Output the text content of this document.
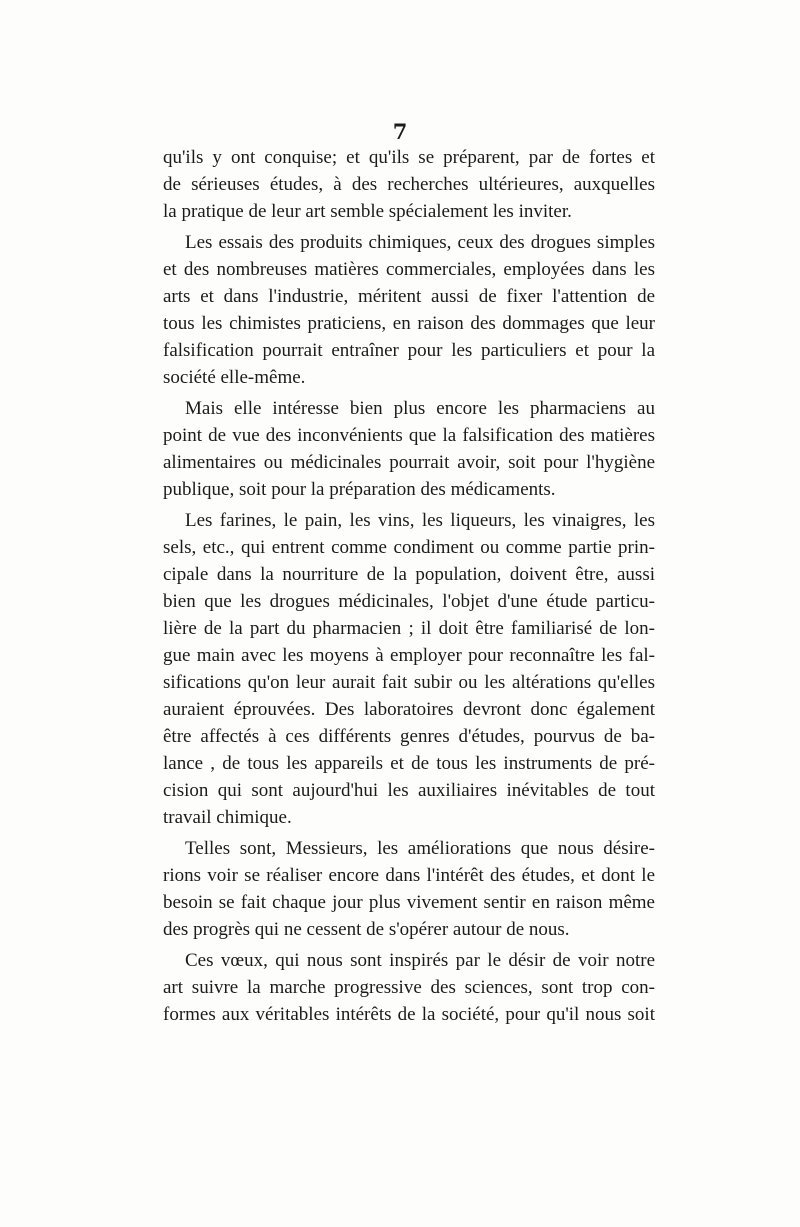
7
qu'ils y ont conquise; et qu'ils se préparent, par de fortes et
de sérieuses études, à des recherches ultérieures, auxquelles
la pratique de leur art semble spécialement les inviter.
Les essais des produits chimiques, ceux des drogues simples
et des nombreuses matières commerciales, employées dans les
arts et dans l'industrie, méritent aussi de fixer l'attention de
tous les chimistes praticiens, en raison des dommages que leur
falsification pourrait entraîner pour les particuliers et pour la
société elle-même.
Mais elle intéresse bien plus encore les pharmaciens au
point de vue des inconvénients que la falsification des matières
alimentaires ou médicinales pourrait avoir, soit pour l'hygiène
publique, soit pour la préparation des médicaments.
Les farines, le pain, les vins, les liqueurs, les vinaigres, les
sels, etc., qui entrent comme condiment ou comme partie prin-
cipale dans la nourriture de la population, doivent être, aussi
bien que les drogues médicinales, l'objet d'une étude particu-
lière de la part du pharmacien ; il doit être familiarisé de lon-
gue main avec les moyens à employer pour reconnaître les fal-
sifications qu'on leur aurait fait subir ou les altérations qu'elles
auraient éprouvées. Des laboratoires devront donc également
être affectés à ces différents genres d'études, pourvus de ba-
lance , de tous les appareils et de tous les instruments de pré-
cision qui sont aujourd'hui les auxiliaires inévitables de tout
travail chimique.
Telles sont, Messieurs, les améliorations que nous désire-
rions voir se réaliser encore dans l'intérêt des études, et dont le
besoin se fait chaque jour plus vivement sentir en raison même
des progrès qui ne cessent de s'opérer autour de nous.
Ces vœux, qui nous sont inspirés par le désir de voir notre
art suivre la marche progressive des sciences, sont trop con-
formes aux véritables intérêts de la société, pour qu'il nous soit
